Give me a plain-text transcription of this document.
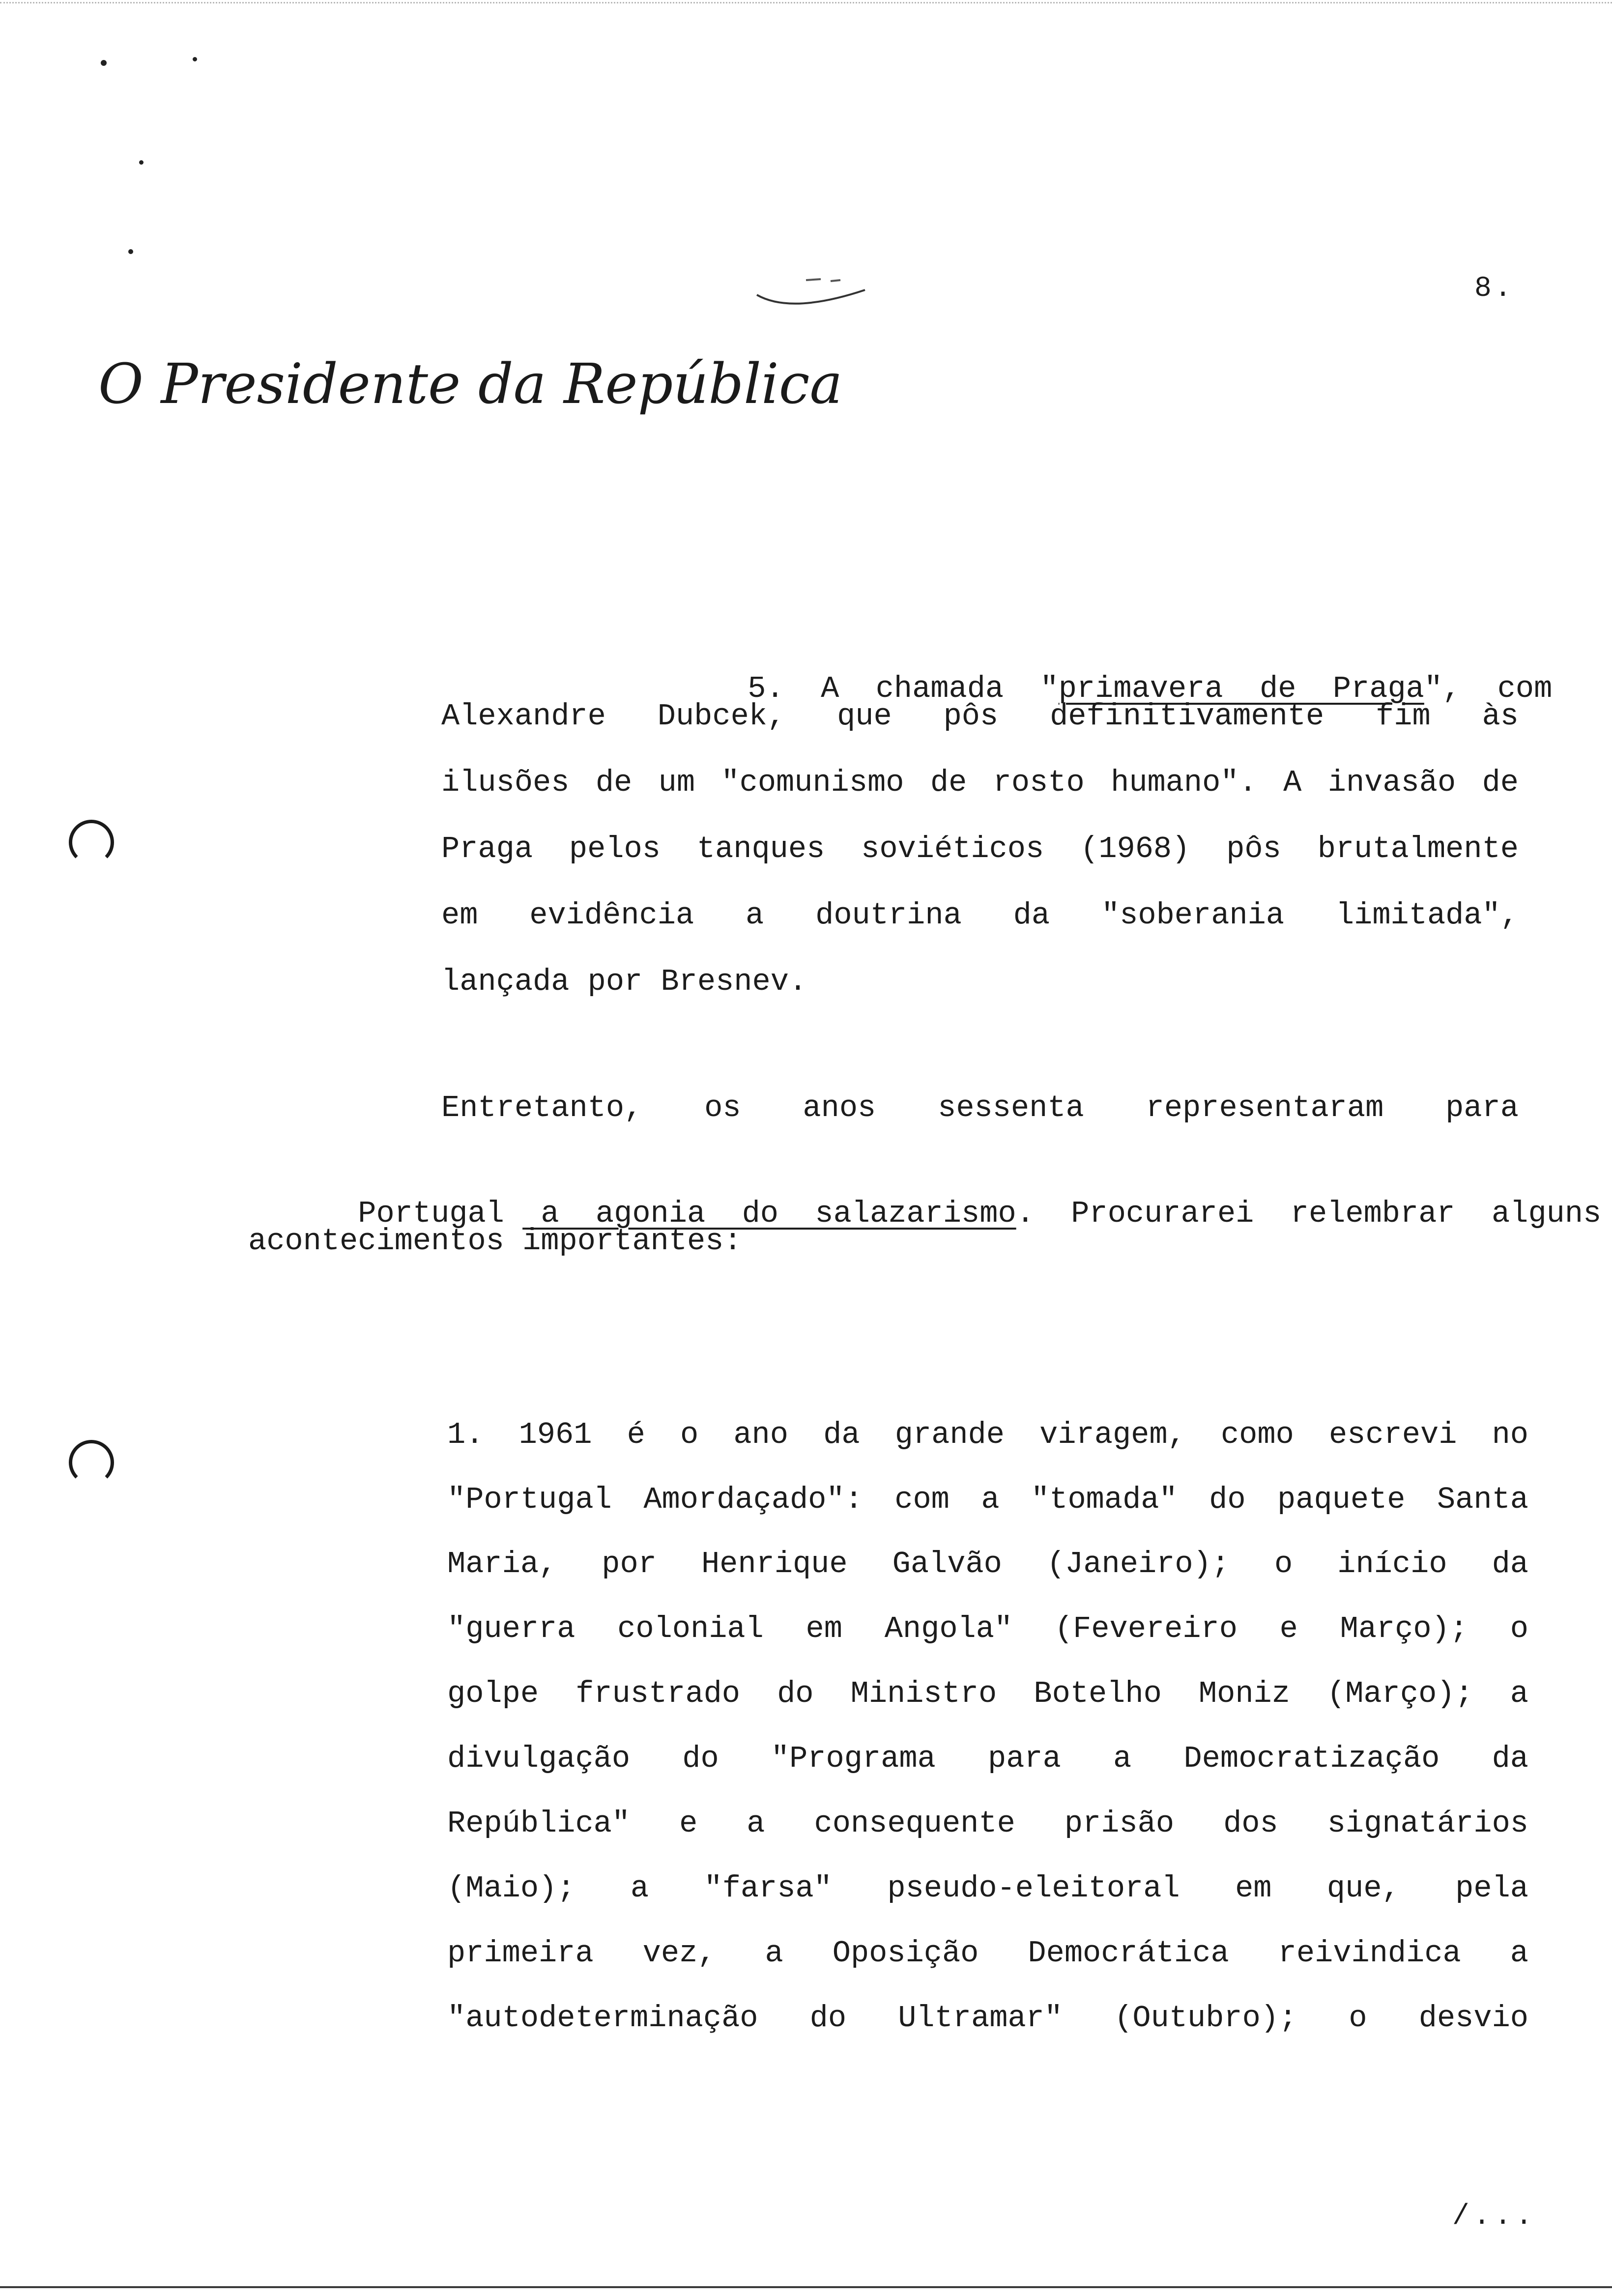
8.
O Presidente da República

5.  A  chamada  "primavera  de  Praga",  com

Alexandre Dubcek, que pôs definitivamente fim às
ilusões de um "comunismo de rosto humano". A invasão de
Praga pelos tanques soviéticos (1968) pôs brutalmente
em evidência a doutrina da "soberania limitada",
lançada por Bresnev.
Entretanto, os anos sessenta representaram para

Portugal  a  agonia  do  salazarismo.  Procurarei  relembrar  alguns

acontecimentos importantes:
1. 1961 é o ano da grande viragem, como escrevi no
"Portugal Amordaçado": com a "tomada" do paquete Santa
Maria, por Henrique Galvão (Janeiro); o início da
"guerra colonial em Angola" (Fevereiro e Março); o
golpe frustrado do Ministro Botelho Moniz (Março); a
divulgação do "Programa para a Democratização da
República" e a consequente prisão dos signatários
(Maio); a "farsa" pseudo-eleitoral em que, pela
primeira vez, a Oposição Democrática reivindica a
"autodeterminação do Ultramar" (Outubro); o desvio
/...
